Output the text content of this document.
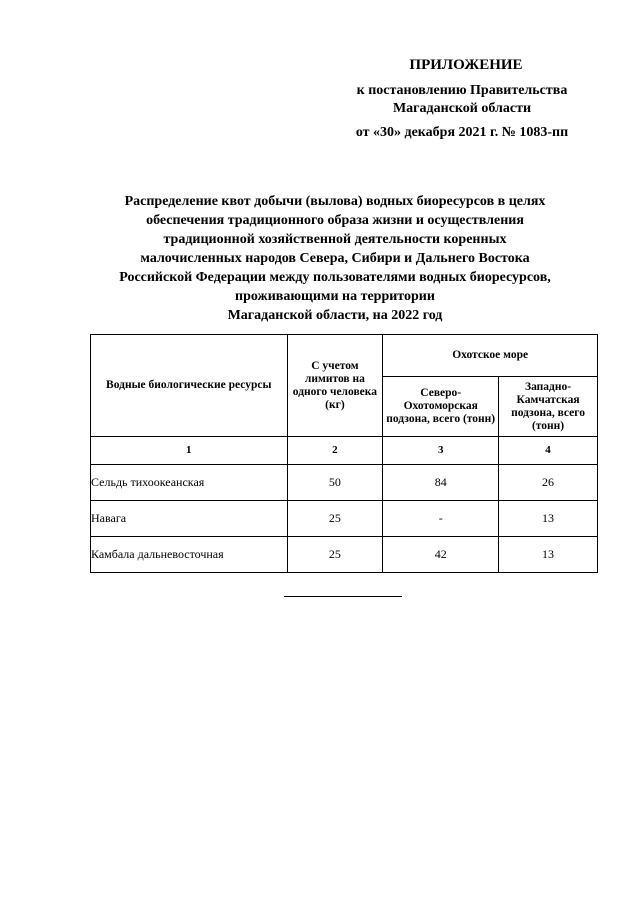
ПРИЛОЖЕНИЕ
к постановлению Правительства
Магаданской области
от «30» декабря 2021 г. № 1083-пп
Распределение квот добычи (вылова) водных биоресурсов в целях
обеспечения традиционного образа жизни и осуществления
традиционной хозяйственной деятельности коренных
малочисленных народов Севера, Сибири и Дальнего Востока
Российской Федерации между пользователями водных биоресурсов,
проживающими на территории
Магаданской области, на 2022 год
Водные биологические ресурсы	С учетом лимитов на одного человека (кг)	Охотское море	
		Северо-Охотоморская подзона, всего (тонн)	Западно-Камчатская подзона, всего (тонн)
1	2	3	4
Сельдь тихоокеанская	50	84	26
Навага	25	-	13
Камбала дальневосточная	25	42	13
